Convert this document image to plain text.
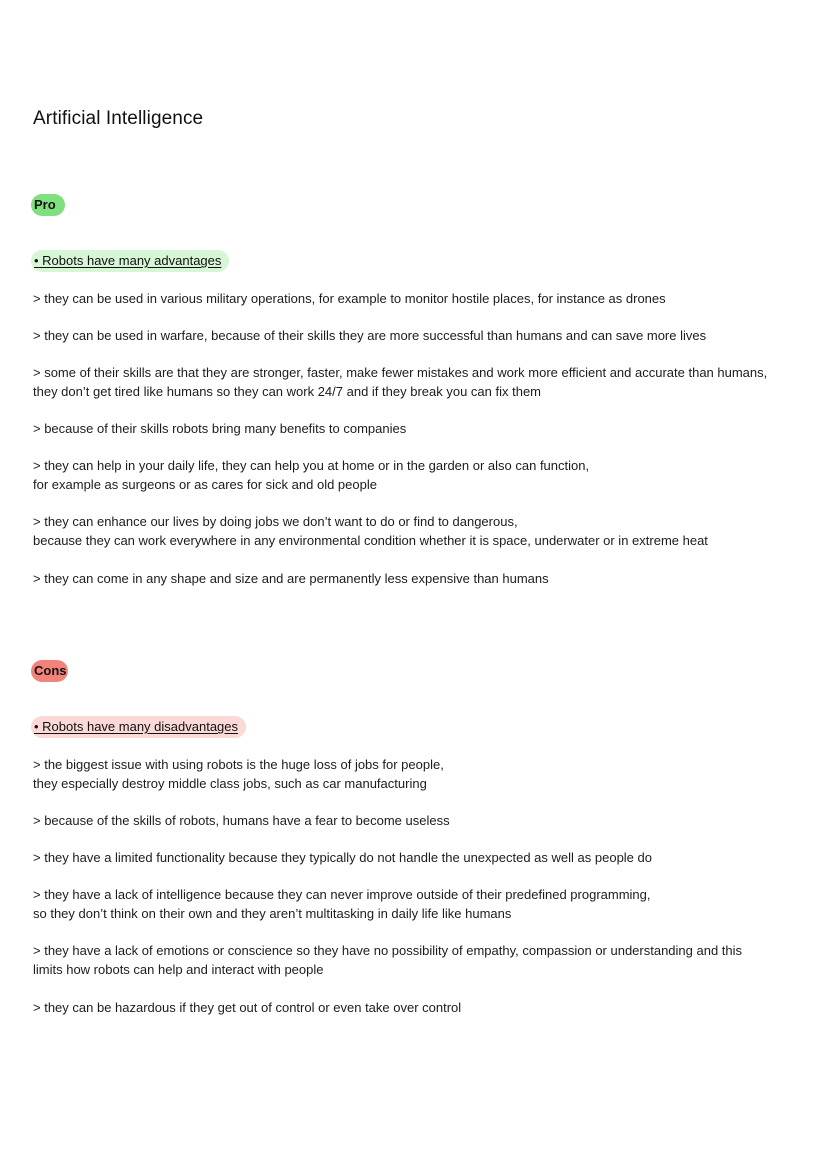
Artificial Intelligence
Pro
• Robots have many advantages

> they can be used in various military operations, for example to monitor hostile places, for instance as drones

> they can be used in warfare, because of their skills they are more successful than humans and can save more lives

> some of their skills are that they are stronger, faster, make fewer mistakes and work more efficient and accurate than humans,
they don’t get tired like humans so they can work 24/7 and if they break you can fix them

> because of their skills robots bring many benefits to companies

> they can help in your daily life, they can help you at home or in the garden or also can function,
for example as surgeons or as cares for sick and old people

> they can enhance our lives by doing jobs we don’t want to do or find to dangerous,
because they can work everywhere in any environmental condition whether it is space, underwater or in extreme heat

> they can come in any shape and size and are permanently less expensive than humans

Cons
• Robots have many disadvantages

> the biggest issue with using robots is the huge loss of jobs for people,
they especially destroy middle class jobs, such as car manufacturing

> because of the skills of robots, humans have a fear to become useless

> they have a limited functionality because they typically do not handle the unexpected as well as people do

> they have a lack of intelligence because they can never improve outside of their predefined programming,
so they don’t think on their own and they aren’t multitasking in daily life like humans

> they have a lack of emotions or conscience so they have no possibility of empathy, compassion or understanding and this
limits how robots can help and interact with people

> they can be hazardous if they get out of control or even take over control
